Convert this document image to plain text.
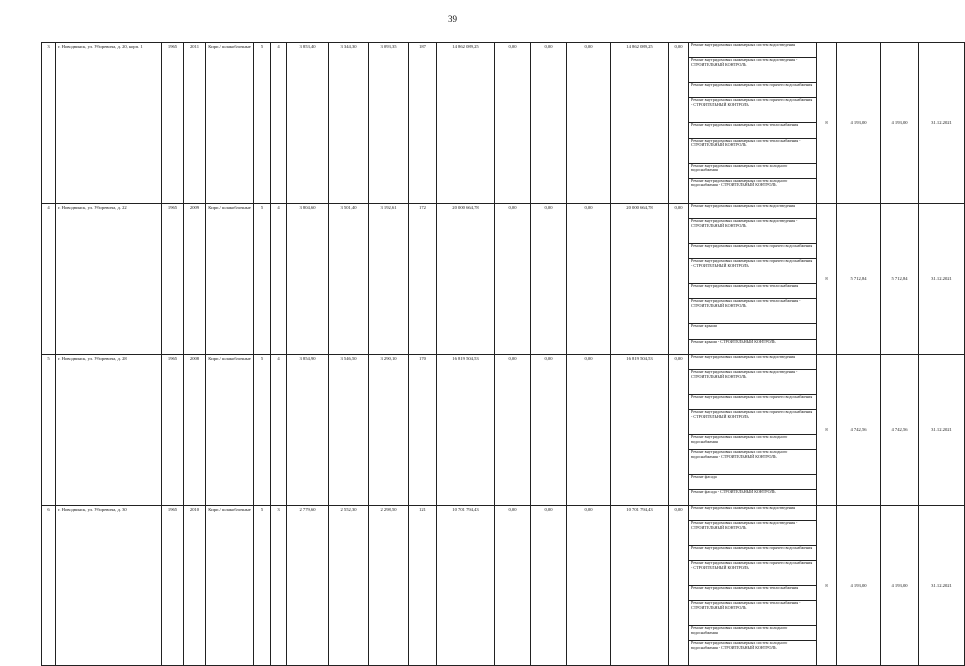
39
3	г. Новодвинск, ул. Уборевича, д. 20, корп. 1	1965	2011	Кирп./ шлакоблочные	5	4	3 853,40	3 344,30	3 093,35	187	14 862 089,25	0,00	0,00	0,00	14 862 089,25	0,00	Ремонт внутридомовых инженерных систем водоотведения	8	4 193,00	4 193,00	31.12.2021
																	Ремонт внутридомовых инженерных систем водоотведения - СТРОИТЕЛЬНЫЙ КОНТРОЛЬ				
																	Ремонт внутридомовых инженерных систем горячего водоснабжения				
																	Ремонт внутридомовых инженерных систем горячего водоснабжения - СТРОИТЕЛЬНЫЙ КОНТРОЛЬ				
																	Ремонт внутридомовых инженерных систем теплоснабжения				
																	Ремонт внутридомовых инженерных систем теплоснабжения - СТРОИТЕЛЬНЫЙ КОНТРОЛЬ				
																	Ремонт внутридомовых инженерных систем холодного водоснабжения				
																	Ремонт внутридомовых инженерных систем холодного водоснабжения - СТРОИТЕЛЬНЫЙ КОНТРОЛЬ				
4	г. Новодвинск, ул. Уборевича, д. 22	1965	2009	Кирп./ шлакоблочные	5	4	3 804,60	3 501,40	3 192,61	172	20 000 664,78	0,00	0,00	0,00	20 000 664,78	0,00	Ремонт внутридомовых инженерных систем водоотведения	8	5 712,84	5 712,84	31.12.2021
																	Ремонт внутридомовых инженерных систем водоотведения - СТРОИТЕЛЬНЫЙ КОНТРОЛЬ				
																	Ремонт внутридомовых инженерных систем горячего водоснабжения				
																	Ремонт внутридомовых инженерных систем горячего водоснабжения - СТРОИТЕЛЬНЫЙ КОНТРОЛЬ				
																	Ремонт внутридомовых инженерных систем теплоснабжения				
																	Ремонт внутридомовых инженерных систем теплоснабжения - СТРОИТЕЛЬНЫЙ КОНТРОЛЬ				
																	Ремонт крыши				
																	Ремонт крыши - СТРОИТЕЛЬНЫЙ КОНТРОЛЬ				
5	г. Новодвинск, ул. Уборевича, д. 28	1965	2008	Кирп./ шлакоблочные	5	4	3 854,90	3 546,50	3 290,10	170	16 819 504,53	0,00	0,00	0,00	16 819 504,53	0,00	Ремонт внутридомовых инженерных систем водоотведения	8	4 742,56	4 742,56	31.12.2021
																	Ремонт внутридомовых инженерных систем водоотведения - СТРОИТЕЛЬНЫЙ КОНТРОЛЬ				
																	Ремонт внутридомовых инженерных систем горячего водоснабжения				
																	Ремонт внутридомовых инженерных систем горячего водоснабжения - СТРОИТЕЛЬНЫЙ КОНТРОЛЬ				
																	Ремонт внутридомовых инженерных систем холодного водоснабжения				
																	Ремонт внутридомовых инженерных систем холодного водоснабжения - СТРОИТЕЛЬНЫЙ КОНТРОЛЬ				
																	Ремонт фасада				
																	Ремонт фасада - СТРОИТЕЛЬНЫЙ КОНТРОЛЬ				
6	г. Новодвинск, ул. Уборевича, д. 30	1965	2010	Кирп./ шлакоблочные	5	3	2 779,60	2 552,30	2 298,50	121	10 701 794,43	0,00	0,00	0,00	10 701 794,43	0,00	Ремонт внутридомовых инженерных систем водоотведения	8	4 193,00	4 193,00	31.12.2021
																	Ремонт внутридомовых инженерных систем водоотведения - СТРОИТЕЛЬНЫЙ КОНТРОЛЬ				
																	Ремонт внутридомовых инженерных систем горячего водоснабжения				
																	Ремонт внутридомовых инженерных систем горячего водоснабжения - СТРОИТЕЛЬНЫЙ КОНТРОЛЬ				
																	Ремонт внутридомовых инженерных систем теплоснабжения				
																	Ремонт внутридомовых инженерных систем теплоснабжения - СТРОИТЕЛЬНЫЙ КОНТРОЛЬ				
																	Ремонт внутридомовых инженерных систем холодного водоснабжения				
																	Ремонт внутридомовых инженерных систем холодного водоснабжения - СТРОИТЕЛЬНЫЙ КОНТРОЛЬ				
